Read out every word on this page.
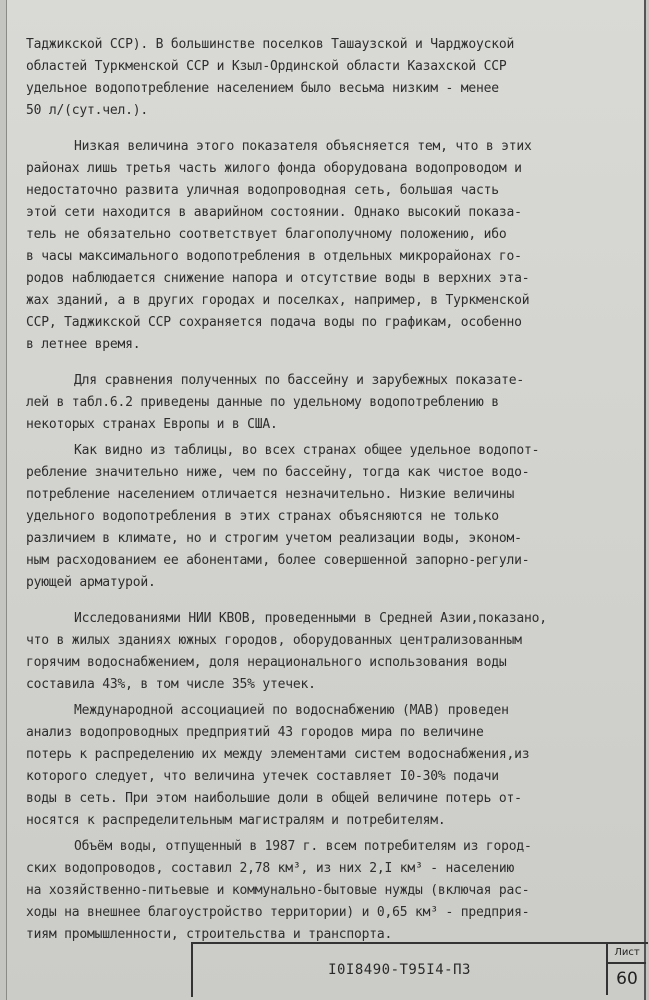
Таджикской ССР). В большинстве поселков Ташаузской и Чарджоуской
областей Туркменской ССР и Кзыл-Ординской области Казахской ССР
удельное водопотребление населением было весьма низким - менее
50 л/(сут.чел.).
Низкая величина этого показателя объясняется тем, что в этих
районах лишь третья часть жилого фонда оборудована водопроводом и
недостаточно развита уличная водопроводная сеть, большая часть
этой сети находится в аварийном состоянии. Однако высокий показа-
тель не обязательно соответствует благополучному положению, ибо
в часы максимального водопотребления в отдельных микрорайонах го-
родов наблюдается снижение напора и отсутствие воды в верхних эта-
жах зданий, а в других городах и поселках, например, в Туркменской
ССР, Таджикской ССР сохраняется подача воды по графикам, особенно
в летнее время.
Для сравнения полученных по бассейну и зарубежных показате-
лей в табл.6.2 приведены данные по удельному водопотреблению в
некоторых странах Европы и в США.
Как видно из таблицы, во всех странах общее удельное водопот-
ребление значительно ниже, чем по бассейну, тогда как чистое водо-
потребление населением отличается незначительно. Низкие величины
удельного водопотребления в этих странах объясняются не только
различием в климате, но и строгим учетом реализации воды, эконом-
ным расходованием ее абонентами, более совершенной запорно-регули-
рующей арматурой.
Исследованиями НИИ КВОВ, проведенными в Средней Азии,показано,
что в жилых зданиях южных городов, оборудованных централизованным
горячим водоснабжением, доля нерационального использования воды
составила 43%, в том числе 35% утечек.
Международной ассоциацией по водоснабжению (МАВ) проведен
анализ водопроводных предприятий 43 городов мира по величине
потерь к распределению их между элементами систем водоснабжения,из
которого следует, что величина утечек составляет I0-30% подачи
воды в сеть. При этом наибольшие доли в общей величине потерь от-
носятся к распределительным магистралям и потребителям.
Объём воды, отпущенный в 1987 г. всем потребителям из город-
ских водопроводов, составил 2,78 км³, из них 2,I км³ - населению
на хозяйственно-питьевые и коммунально-бытовые нужды (включая рас-
ходы на внешнее благоустройство территории) и 0,65 км³ - предприя-
тиям промышленности, строительства и транспорта.
I0I8490-Т95I4-ПЗ
Лист
60
